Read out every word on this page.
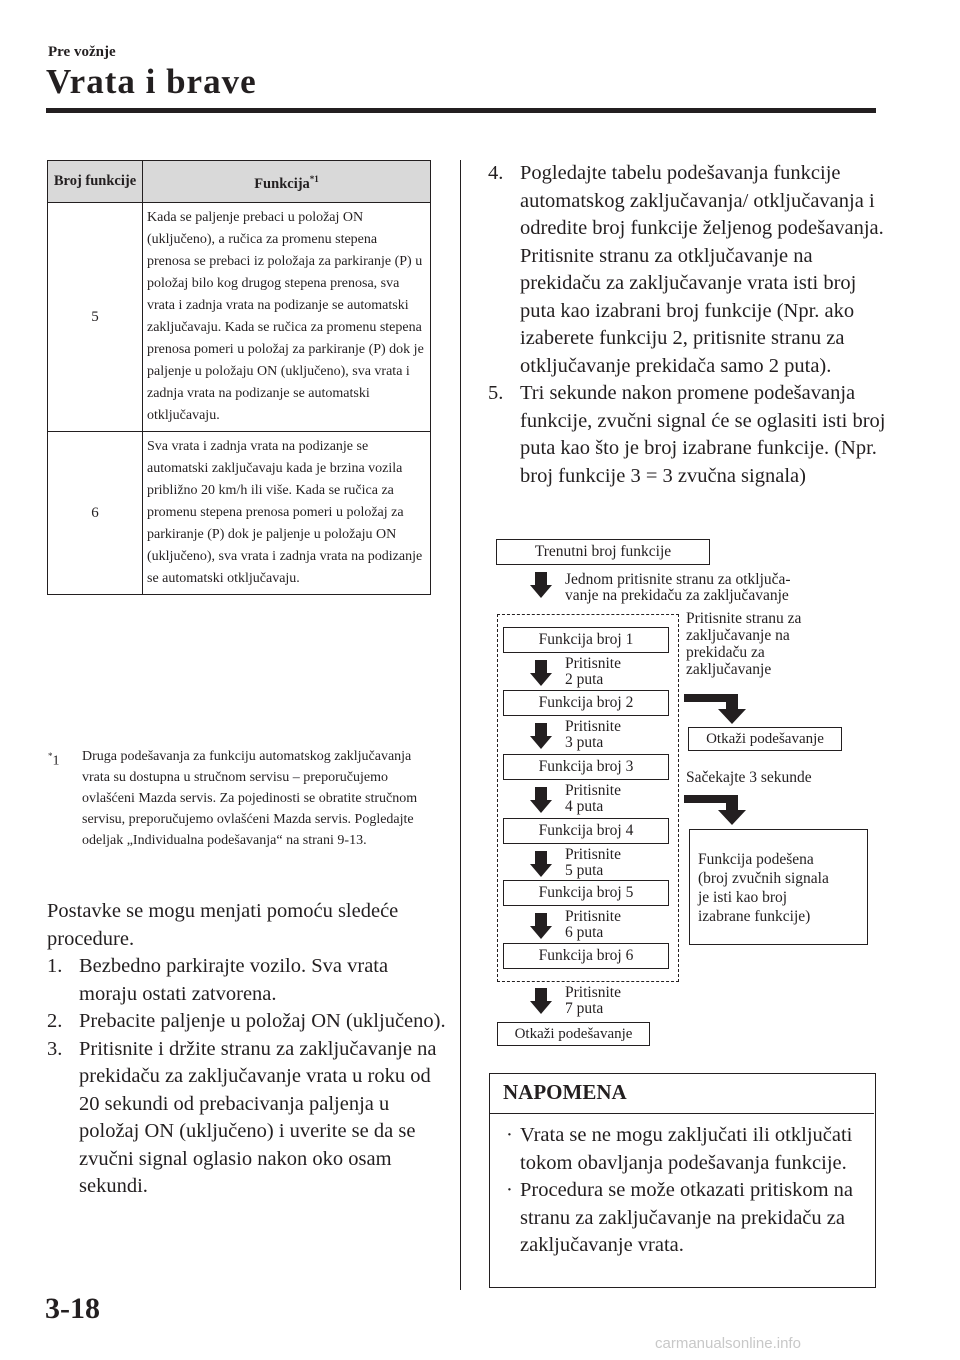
Pre vožnje
Vrata i brave
Broj funkcije	Funkcija$^{*1}$
5	Kada se paljenje prebaci u položaj ON (uključeno), a ručica za promenu stepena prenosa se prebaci iz položaja za parkiranje (P) u položaj bilo kog drugog stepena prenosa, sva vrata i zadnja vrata na podizanje se automatski zaključavaju. Kada se ručica za promenu stepena prenosa pomeri u položaj za parkiranje (P) dok je paljenje u položaju ON (uključeno), sva vrata i zadnja vrata na podizanje se automatski otključavaju.
6	Sva vrata i zadnja vrata na podizanje se automatski zaključavaju kada je brzina vozila približno 20 km/h ili više. Kada se ručica za promenu stepena prenosa pomeri u položaj za parkiranje (P) dok je paljenje u položaju ON (uključeno), sva vrata i zadnja vrata na podizanje se automatski otključavaju.
*1 Druga podešavanja za funkciju automatskog zaključavanja vrata su dostupna u stručnom servisu – preporučujemo ovlašćeni Mazda servis. Za pojedinosti se obratite stručnom servisu, preporučujemo ovlašćeni Mazda servis. Pogledajte odeljak „Individualna podešavanja“ na strani 9-13.
Postavke se mogu menjati pomoću sledeće procedure.
1. Bezbedno parkirajte vozilo. Sva vrata moraju ostati zatvorena.
2. Prebacite paljenje u položaj ON (uključeno).
3. Pritisnite i držite stranu za zaključavanje na prekidaču za zaključavanje vrata u roku od 20 sekundi od prebacivanja paljenja u položaj ON (uključeno) i uverite se da se zvučni signal oglasio nakon oko osam sekundi.
4. Pogledajte tabelu podešavanja funkcije automatskog zaključavanja/ otključavanja i odredite broj funkcije željenog podešavanja. Pritisnite stranu za otključavanje na prekidaču za zaključavanje vrata isti broj puta kao izabrani broj funkcije (Npr. ako izaberete funkciju 2, pritisnite stranu za otključavanje prekidača samo 2 puta).
5. Tri sekunde nakon promene podešavanja funkcije, zvučni signal će se oglasiti isti broj puta kao što je broj izabrane funkcije. (Npr. broj funkcije 3 = 3 zvučna signala)
Trenutni broj funkcije
Jednom pritisnite stranu za otključa-
vanje na prekidaču za zaključavanje
Funkcija broj 1
Pritisnite
2 puta
Funkcija broj 2
Pritisnite
3 puta
Funkcija broj 3
Pritisnite
4 puta
Funkcija broj 4
Pritisnite
5 puta
Funkcija broj 5
Pritisnite
6 puta
Funkcija broj 6
Pritisnite
7 puta
Otkaži podešavanje
Pritisnite stranu za
zaključavanje na
prekidaču za
zaključavanje
Otkaži podešavanje
Sačekajte 3 sekunde
Funkcija podešena
(broj zvučnih signala
je isti kao broj
izabrane funkcije)
NAPOMENA
· Vrata se ne mogu zaključati ili otključati tokom obavljanja podešavanja funkcije.
· Procedura se može otkazati pritiskom na stranu za zaključavanje na prekidaču za zaključavanje vrata.
3-18
carmanualsonline.info
